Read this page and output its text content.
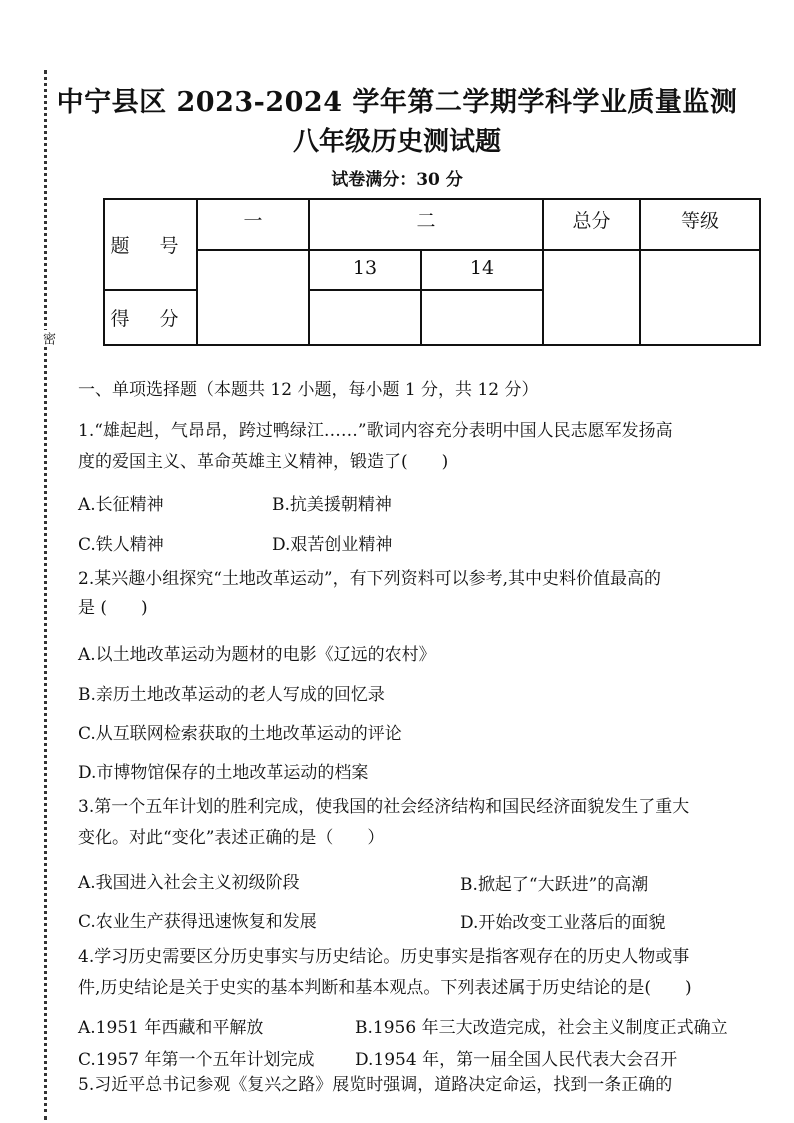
密
中宁县区 2023-2024 学年第二学期学科学业质量监测
八年级历史测试题
试卷满分：30 分
题 号	一	二		总分	等级
		13	14		
得 分					
一、单项选择题（本题共 12 小题，每小题 1 分，共 12 分）
1.“雄起赳，气昂昂，跨过鸭绿江……”歌词内容充分表明中国人民志愿军发扬高
度的爱国主义、革命英雄主义精神，锻造了(　　)
A.长征精神	B.抗美援朝精神
C.铁人精神	D.艰苦创业精神
2.某兴趣小组探究“土地改革运动”，有下列资料可以参考,其中史料价值最高的
是 (　　)
A.以土地改革运动为题材的电影《辽远的农村》
B.亲历土地改革运动的老人写成的回忆录
C.从互联网检索获取的土地改革运动的评论
D.市博物馆保存的土地改革运动的档案
3.第一个五年计划的胜利完成，使我国的社会经济结构和国民经济面貌发生了重大
变化。对此“变化”表述正确的是（　　）
A.我国进入社会主义初级阶段	B.掀起了“大跃进”的高潮
C.农业生产获得迅速恢复和发展	D.开始改变工业落后的面貌
4.学习历史需要区分历史事实与历史结论。历史事实是指客观存在的历史人物或事
件,历史结论是关于史实的基本判断和基本观点。下列表述属于历史结论的是(　　)
A.1951 年西藏和平解放	B.1956 年三大改造完成，社会主义制度正式确立
C.1957 年第一个五年计划完成 D.1954 年，第一届全国人民代表大会召开
5.习近平总书记参观《复兴之路》展览时强调，道路决定命运，找到一条正确的
